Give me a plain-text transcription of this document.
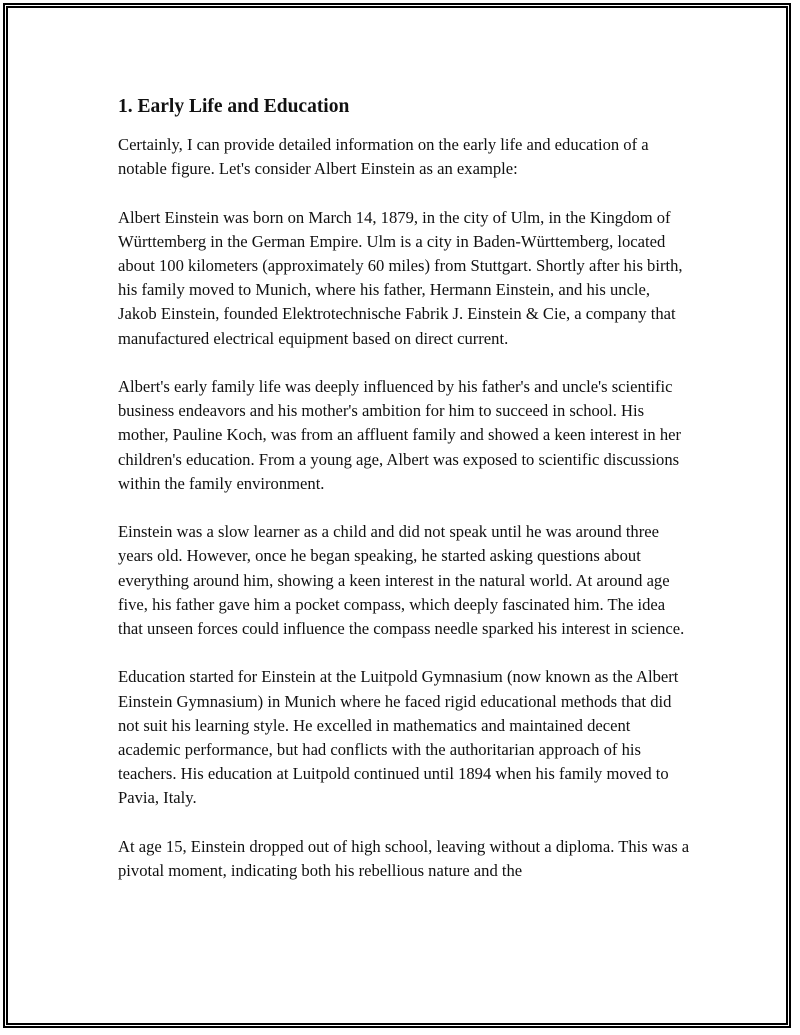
1. Early Life and Education

Certainly, I can provide detailed information on the early life and education of a notable figure. Let's consider Albert Einstein as an example:

Albert Einstein was born on March 14, 1879, in the city of Ulm, in the Kingdom of Württemberg in the German Empire. Ulm is a city in Baden-Württemberg, located about 100 kilometers (approximately 60 miles) from Stuttgart. Shortly after his birth, his family moved to Munich, where his father, Hermann Einstein, and his uncle, Jakob Einstein, founded Elektrotechnische Fabrik J. Einstein & Cie, a company that manufactured electrical equipment based on direct current.

Albert's early family life was deeply influenced by his father's and uncle's scientific business endeavors and his mother's ambition for him to succeed in school. His mother, Pauline Koch, was from an affluent family and showed a keen interest in her children's education. From a young age, Albert was exposed to scientific discussions within the family environment.

Einstein was a slow learner as a child and did not speak until he was around three years old. However, once he began speaking, he started asking questions about everything around him, showing a keen interest in the natural world. At around age five, his father gave him a pocket compass, which deeply fascinated him. The idea that unseen forces could influence the compass needle sparked his interest in science.

Education started for Einstein at the Luitpold Gymnasium (now known as the Albert Einstein Gymnasium) in Munich where he faced rigid educational methods that did not suit his learning style. He excelled in mathematics and maintained decent academic performance, but had conflicts with the authoritarian approach of his teachers. His education at Luitpold continued until 1894 when his family moved to Pavia, Italy.

At age 15, Einstein dropped out of high school, leaving without a diploma. This was a pivotal moment, indicating both his rebellious nature and the
